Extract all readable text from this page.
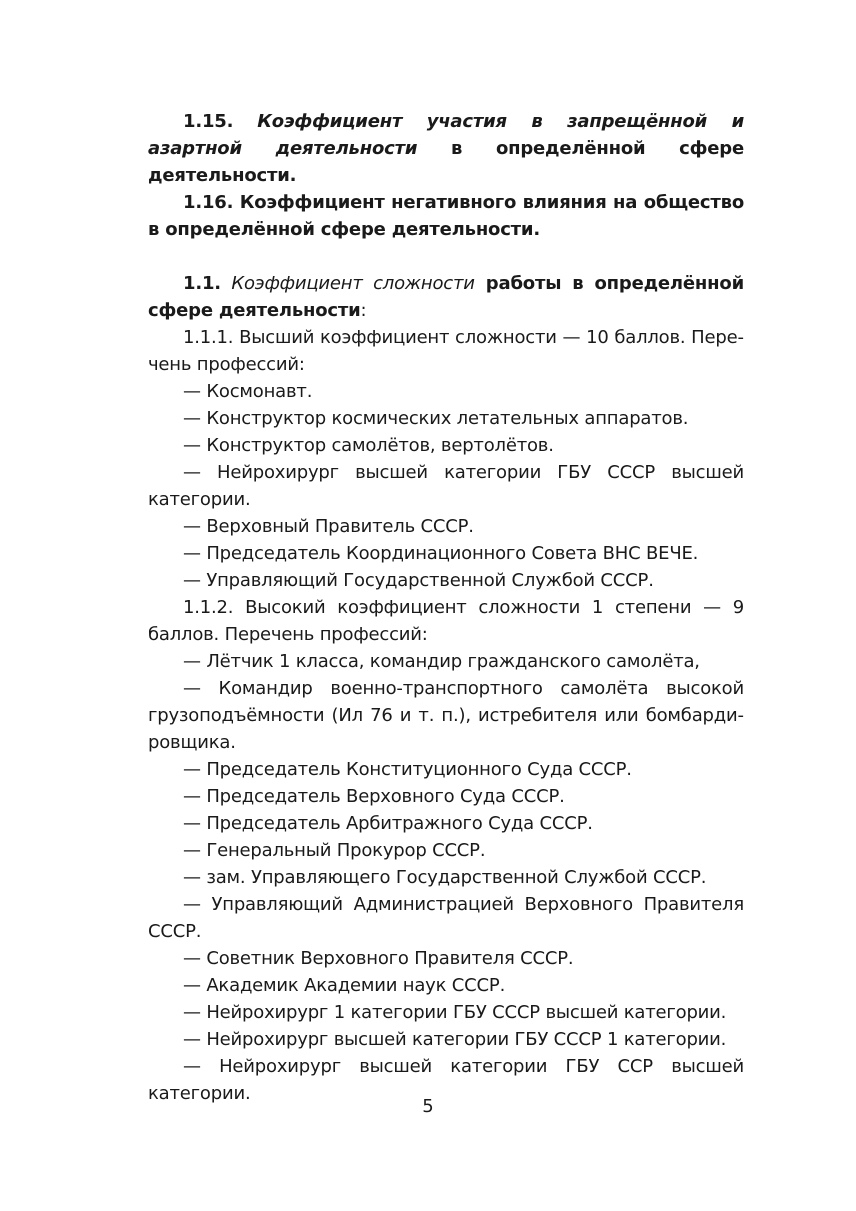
1.15. Коэффициент участия в запрещённой и азартной деятельности в определённой сфере деятельности.

1.16. Коэффициент негативного влияния на общество в определённой сфере деятельности.

1.1. Коэффициент сложности работы в определённой сфере деятельности:

1.1.1. Высший коэффициент сложности — 10 баллов. Перечень профессий:

— Космонавт.

— Конструктор космических летательных аппаратов.

— Конструктор самолётов, вертолётов.

— Нейрохирург высшей категории ГБУ СССР высшей категории.

— Верховный Правитель СССР.

— Председатель Координационного Совета ВНС ВЕЧЕ.

— Управляющий Государственной Службой СССР.

1.1.2. Высокий коэффициент сложности 1 степени — 9 баллов. Перечень профессий:

— Лётчик 1 класса, командир гражданского самолёта,

— Командир военно-транспортного самолёта высокой грузоподъёмности (Ил 76 и т. п.), истребителя или бомбардировщика.

— Председатель Конституционного Суда СССР.

— Председатель Верховного Суда СССР.

— Председатель Арбитражного Суда СССР.

— Генеральный Прокурор СССР.

— зам. Управляющего Государственной Службой СССР.

— Управляющий Администрацией Верховного Правителя СССР.

— Советник Верховного Правителя СССР.

— Академик Академии наук СССР.

— Нейрохирург 1 категории ГБУ СССР высшей категории.

— Нейрохирург высшей категории ГБУ СССР 1 категории.

— Нейрохирург высшей категории ГБУ ССР высшей категории.

5
